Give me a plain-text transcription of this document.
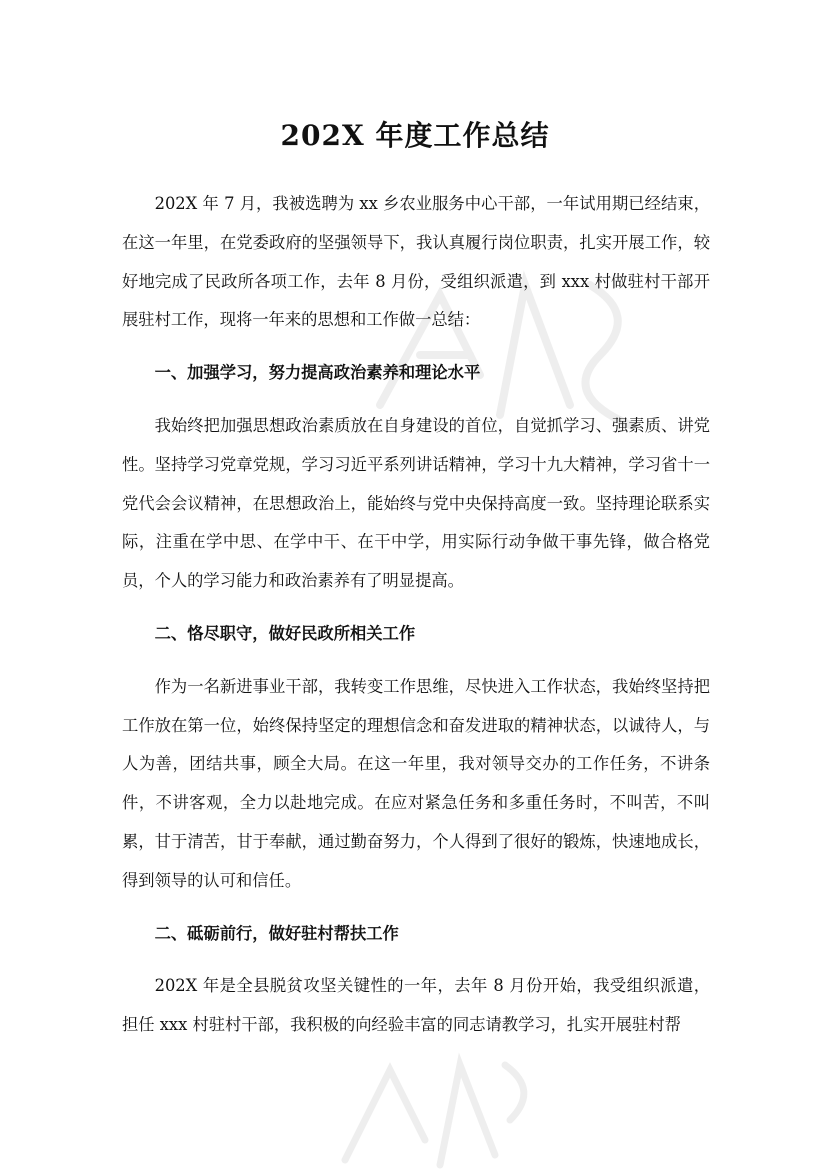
202X 年度工作总结

202X 年 7 月，我被选聘为 xx 乡农业服务中心干部，一年试用期已经结束，在这一年里，在党委政府的坚强领导下，我认真履行岗位职责，扎实开展工作，较好地完成了民政所各项工作，去年 8 月份，受组织派遣，到 xxx 村做驻村干部开展驻村工作，现将一年来的思想和工作做一总结：

一、加强学习，努力提高政治素养和理论水平

我始终把加强思想政治素质放在自身建设的首位，自觉抓学习、强素质、讲党性。坚持学习党章党规，学习习近平系列讲话精神，学习十九大精神，学习省十一党代会会议精神，在思想政治上，能始终与党中央保持高度一致。坚持理论联系实际，注重在学中思、在学中干、在干中学，用实际行动争做干事先锋，做合格党员，个人的学习能力和政治素养有了明显提高。

二、恪尽职守，做好民政所相关工作

作为一名新进事业干部，我转变工作思维，尽快进入工作状态，我始终坚持把工作放在第一位，始终保持坚定的理想信念和奋发进取的精神状态，以诚待人，与人为善，团结共事，顾全大局。在这一年里，我对领导交办的工作任务，不讲条件，不讲客观，全力以赴地完成。在应对紧急任务和多重任务时，不叫苦，不叫累，甘于清苦，甘于奉献，通过勤奋努力，个人得到了很好的锻炼，快速地成长，得到领导的认可和信任。

二、砥砺前行，做好驻村帮扶工作

202X 年是全县脱贫攻坚关键性的一年，去年 8 月份开始，我受组织派遣，担任 xxx 村驻村干部，我积极的向经验丰富的同志请教学习，扎实开展驻村帮
